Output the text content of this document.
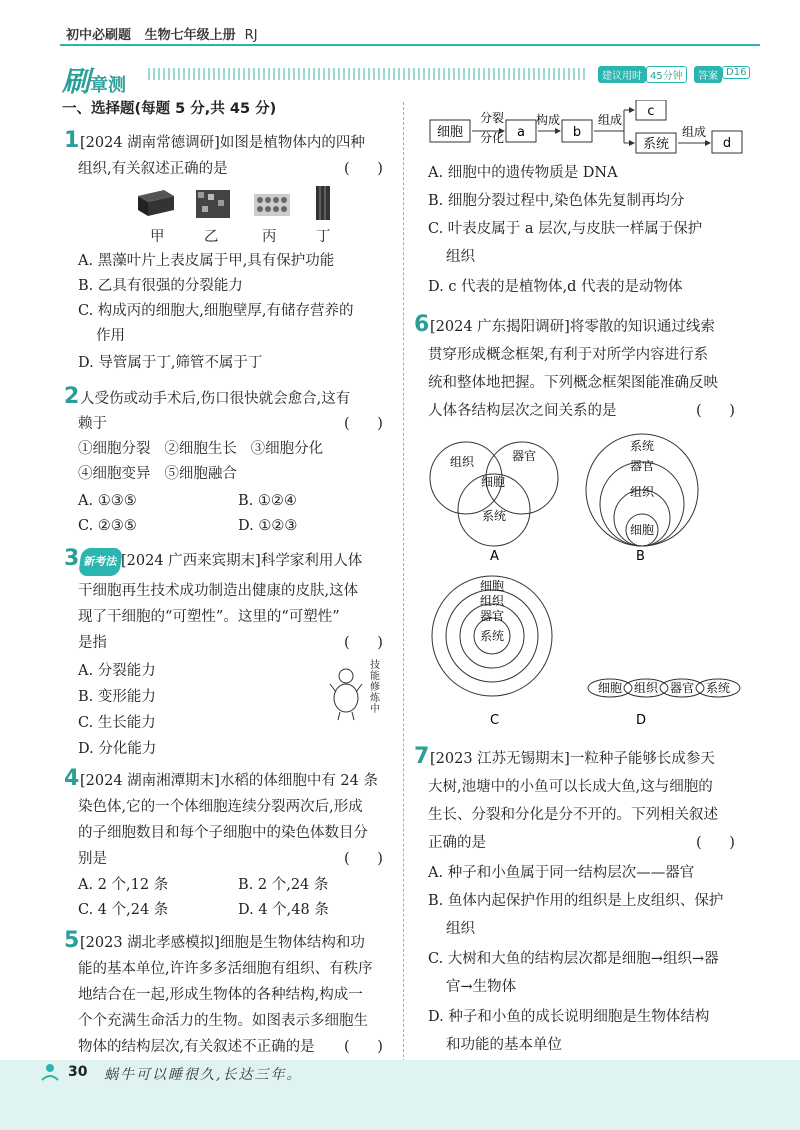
初中必刷题 生物七年级上册 RJ
刷章测	建议用时 45分钟	答案 D16
一、选择题(每题 5 分,共 45 分)
1 [2024 湖南常德调研]如图是植物体内的四种
组织,有关叙述正确的是	(      )
甲	乙	丙	丁
A. 黑藻叶片上表皮属于甲,具有保护功能
B. 乙具有很强的分裂能力
C. 构成丙的细胞大,细胞壁厚,有储存营养的
作用
D. 导管属于丁,筛管不属于丁
2 人受伤或动手术后,伤口很快就会愈合,这有
赖于	(      )
①细胞分裂   ②细胞生长   ③细胞分化
④细胞变异   ⑤细胞融合
A. ①③⑤	B. ①②④
C. ②③⑤	D. ①②③
3 新考法 [2024 广西来宾期末]科学家利用人体
干细胞再生技术成功制造出健康的皮肤,这体
现了干细胞的“可塑性”。这里的“可塑性”
是指	(      )
A. 分裂能力
B. 变形能力
C. 生长能力
D. 分化能力
技能修炼中
4 [2024 湖南湘潭期末]水稻的体细胞中有 24 条
染色体,它的一个体细胞连续分裂两次后,形成
的子细胞数目和每个子细胞中的染色体数目分
别是	(      )
A. 2 个,12 条	B. 2 个,24 条
C. 4 个,24 条	D. 4 个,48 条
5 [2023 湖北孝感模拟]细胞是生物体结构和功
能的基本单位,许许多多活细胞有组织、有秩序
地结合在一起,形成生物体的各种结构,构成一
个个充满生命活力的生物。如图表示多细胞生
物体的结构层次,有关叙述不正确的是 (      )
细胞
分裂
分化 a
构成
b
组成
c
系统
组成
d
A. 细胞中的遗传物质是 DNA
B. 细胞分裂过程中,染色体先复制再均分
C. 叶表皮属于 a 层次,与皮肤一样属于保护
组织
D. c 代表的是植物体,d 代表的是动物体
6 [2024 广东揭阳调研]将零散的知识通过线索
贯穿形成概念框架,有利于对所学内容进行系
统和整体地把握。下列概念框架图能准确反映
人体各结构层次之间关系的是	(      )
组织	器官
细胞
系统
系统
器官
组织
细胞
A	B
细胞
组织
器官
系统
细胞 组织 器官 系统
C	D
7 [2023 江苏无锡期末]一粒种子能够长成参天
大树,池塘中的小鱼可以长成大鱼,这与细胞的
生长、分裂和分化是分不开的。下列相关叙述
正确的是	(      )
A. 种子和小鱼属于同一结构层次——器官
B. 鱼体内起保护作用的组织是上皮组织、保护
组织
C. 大树和大鱼的结构层次都是细胞→组织→器
官→生物体
D. 种子和小鱼的成长说明细胞是生物体结构
和功能的基本单位
30 蜗牛可以睡很久,长达三年。
